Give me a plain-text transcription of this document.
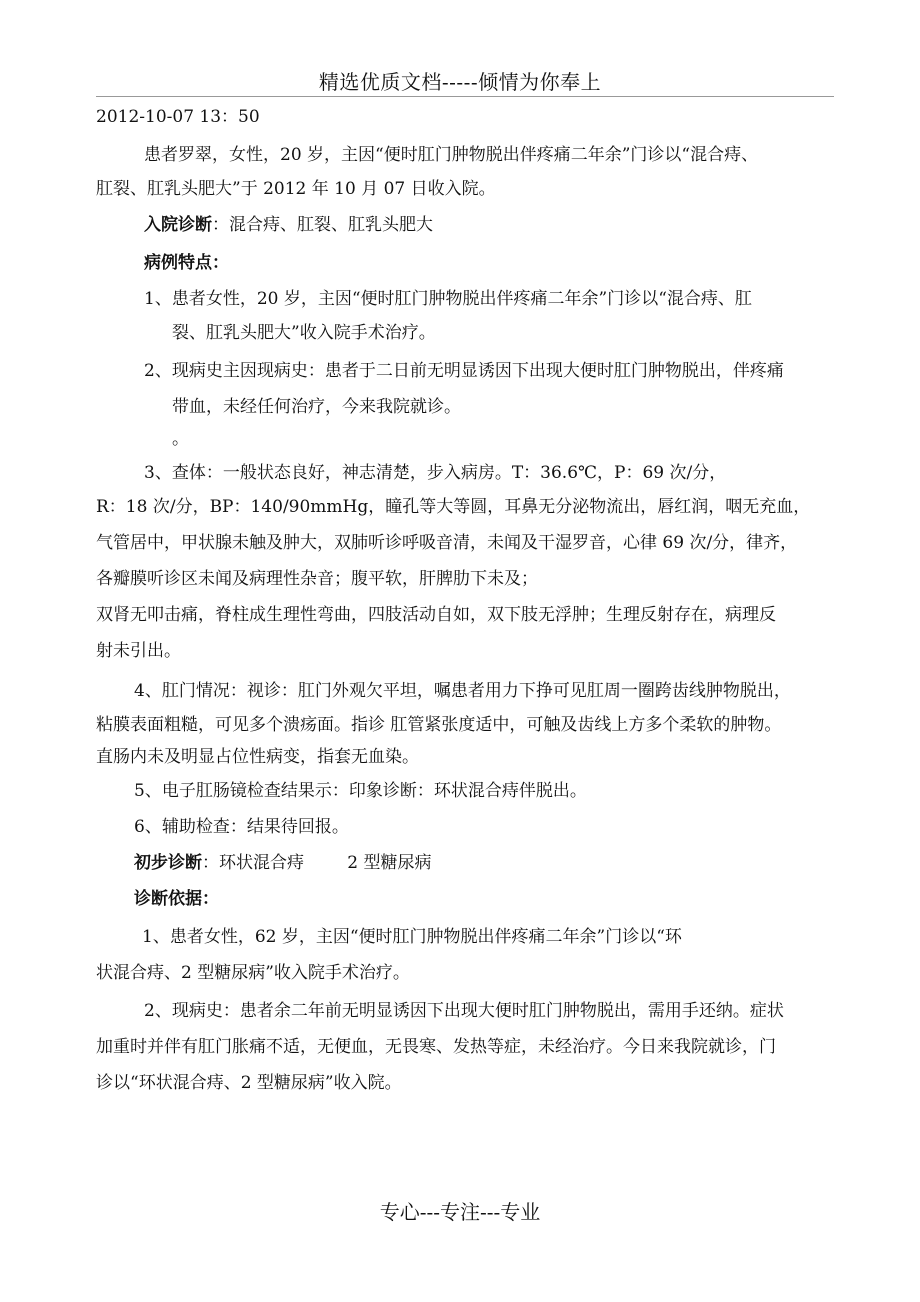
精选优质文档-----倾情为你奉上
2012-10-07 13：50
患者罗翠，女性，20 岁，主因“便时肛门肿物脱出伴疼痛二年余”门诊以“混合痔、
肛裂、肛乳头肥大”于 2012 年 10 月 07 日收入院。
入院诊断：混合痔、肛裂、肛乳头肥大
病例特点：
1、患者女性，20 岁，主因“便时肛门肿物脱出伴疼痛二年余”门诊以“混合痔、肛
裂、肛乳头肥大”收入院手术治疗。
2、现病史主因现病史：患者于二日前无明显诱因下出现大便时肛门肿物脱出，伴疼痛
带血，未经任何治疗，今来我院就诊。
。
3、查体：一般状态良好，神志清楚，步入病房。T：36.6℃，P：69 次/分，
R：18 次/分，BP：140/90mmHg，瞳孔等大等圆，耳鼻无分泌物流出，唇红润，咽无充血，
气管居中，甲状腺未触及肿大，双肺听诊呼吸音清，未闻及干湿罗音，心律 69 次/分，律齐，
各瓣膜听诊区未闻及病理性杂音；腹平软，肝脾肋下未及；
双肾无叩击痛，脊柱成生理性弯曲，四肢活动自如，双下肢无浮肿；生理反射存在，病理反
射未引出。
4、肛门情况：视诊：肛门外观欠平坦，嘱患者用力下挣可见肛周一圈跨齿线肿物脱出，
粘膜表面粗糙，可见多个溃疡面。指诊 肛管紧张度适中，可触及齿线上方多个柔软的肿物。
直肠内未及明显占位性病变，指套无血染。
5、电子肛肠镜检查结果示：印象诊断：环状混合痔伴脱出。
6、辅助检查：结果待回报。
初步诊断：环状混合痔        2 型糖尿病
诊断依据：
1、患者女性，62 岁，主因“便时肛门肿物脱出伴疼痛二年余”门诊以“环
状混合痔、2 型糖尿病”收入院手术治疗。
2、现病史：患者余二年前无明显诱因下出现大便时肛门肿物脱出，需用手还纳。症状
加重时并伴有肛门胀痛不适，无便血，无畏寒、发热等症，未经治疗。今日来我院就诊，门
诊以“环状混合痔、2 型糖尿病”收入院。
专心---专注---专业
